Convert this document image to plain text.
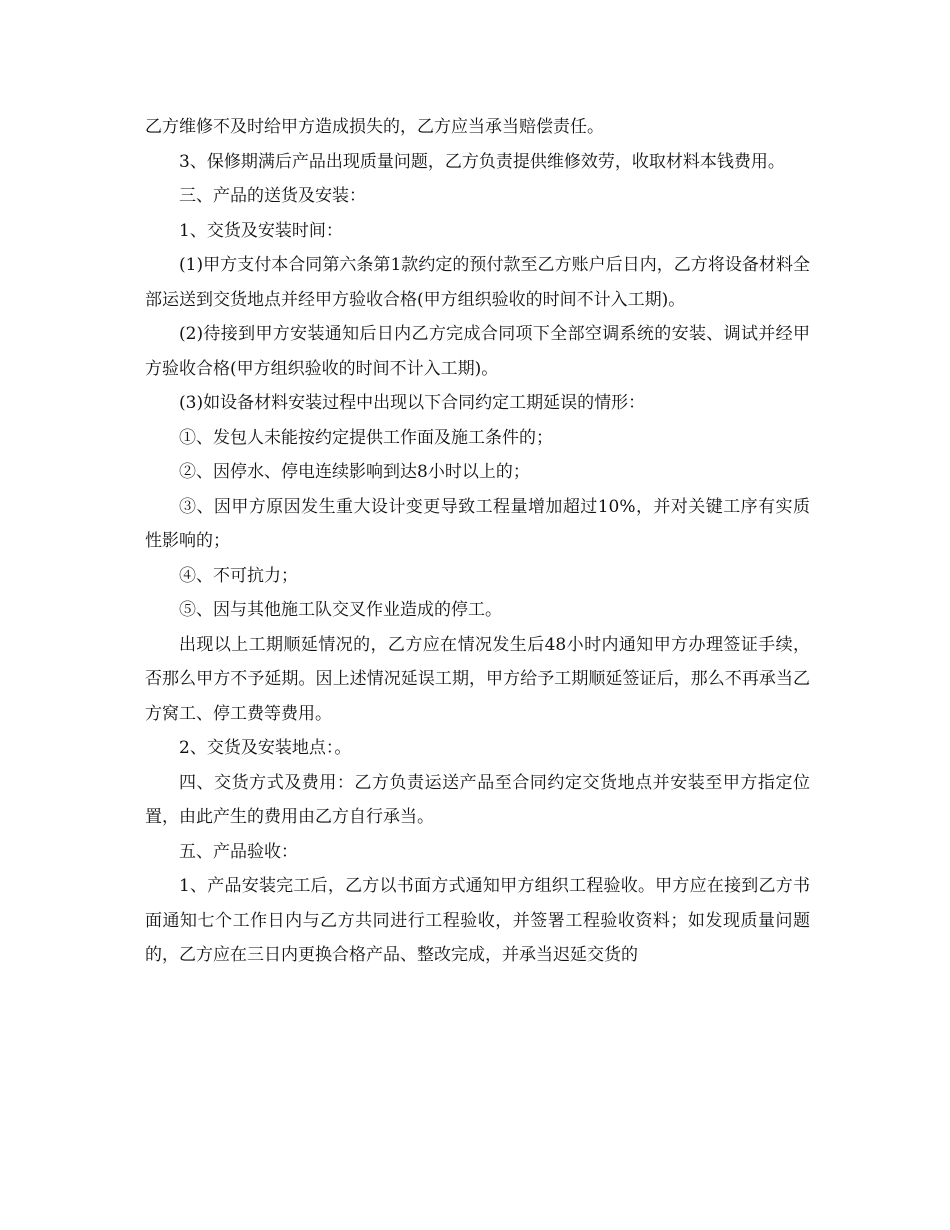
乙方维修不及时给甲方造成损失的，乙方应当承当赔偿责任。

3、保修期满后产品出现质量问题，乙方负责提供维修效劳，收取材料本钱费用。

三、产品的送货及安装：

1、交货及安装时间：

(1)甲方支付本合同第六条第1款约定的预付款至乙方账户后日内，乙方将设备材料全部运送到交货地点并经甲方验收合格(甲方组织验收的时间不计入工期)。

(2)待接到甲方安装通知后日内乙方完成合同项下全部空调系统的安装、调试并经甲方验收合格(甲方组织验收的时间不计入工期)。

(3)如设备材料安装过程中出现以下合同约定工期延误的情形：

①、发包人未能按约定提供工作面及施工条件的；

②、因停水、停电连续影响到达8小时以上的；

③、因甲方原因发生重大设计变更导致工程量增加超过10%，并对关键工序有实质性影响的；

④、不可抗力；

⑤、因与其他施工队交叉作业造成的停工。

出现以上工期顺延情况的，乙方应在情况发生后48小时内通知甲方办理签证手续，否那么甲方不予延期。因上述情况延误工期，甲方给予工期顺延签证后，那么不再承当乙方窝工、停工费等费用。

2、交货及安装地点：。

四、交货方式及费用：乙方负责运送产品至合同约定交货地点并安装至甲方指定位置，由此产生的费用由乙方自行承当。

五、产品验收：

1、产品安装完工后，乙方以书面方式通知甲方组织工程验收。甲方应在接到乙方书面通知七个工作日内与乙方共同进行工程验收，并签署工程验收资料；如发现质量问题的，乙方应在三日内更换合格产品、整改完成，并承当迟延交货的
